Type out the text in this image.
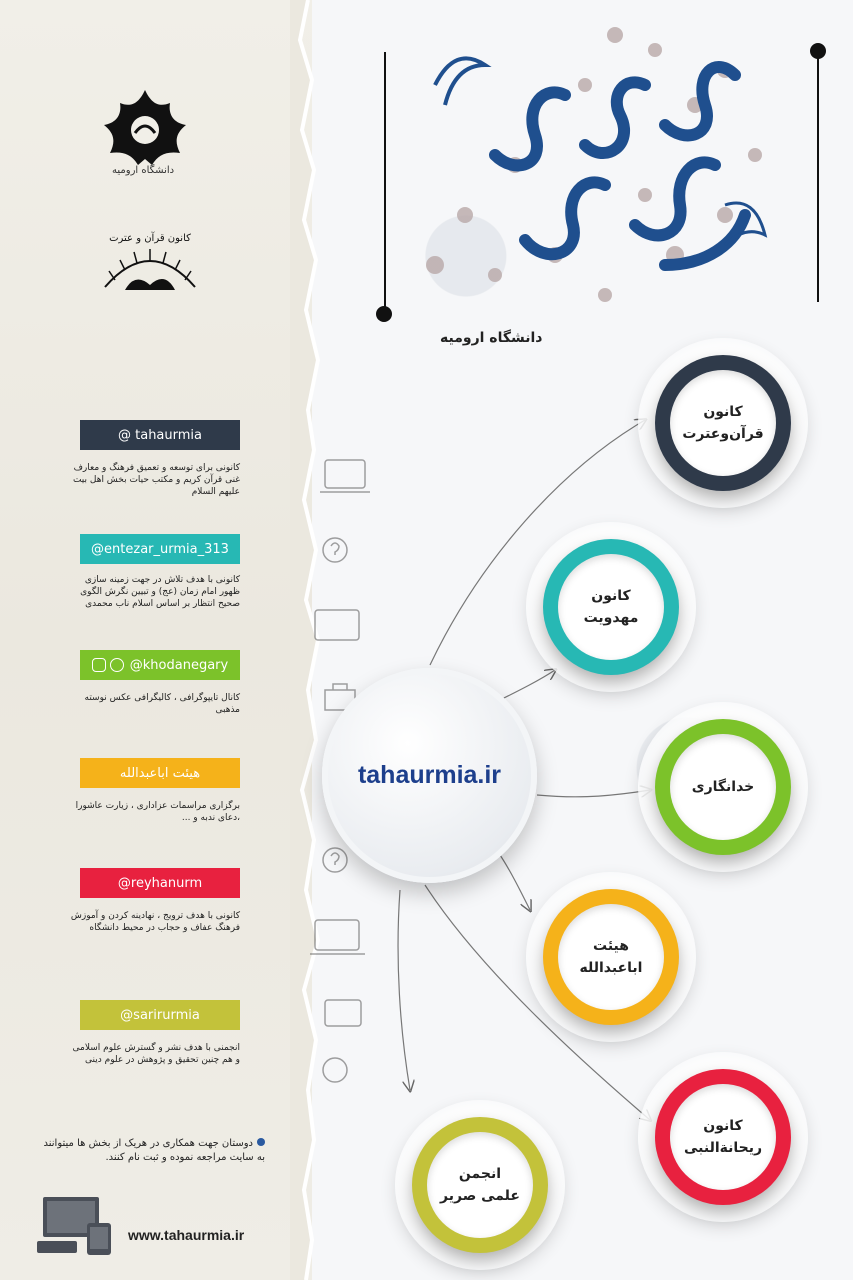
دانشگاه ارومیه
کانون قرآن و عترت
@ tahaurmia
کانونی برای توسعه و تعمیق فرهنگ و معارف غنی قرآن کریم و مکتب حیات بخش اهل بیت علیهم السلام
@entezar_urmia_313
کانونی با هدف تلاش در جهت زمینه سازی ظهور امام زمان (عج) و تبیین نگرش الگوی صحیح انتظار بر اساس اسلام ناب محمدی
@khodanegary
کانال تایپوگرافی ، کالیگرافی عکس نوسته مذهبی
هیئت اباعبدالله
برگزاری مراسمات عزاداری ، زیارت عاشورا ،دعای ندبه و ...
@reyhanurm
کانونی با هدف ترویج ، نهادینه کردن و آموزش فرهنگ عفاف و حجاب در محیط دانشگاه
@sarirurmia
انجمنی با هدف نشر و گسترش علوم اسلامی و هم چنین تحقیق و پژوهش در علوم دینی
دوستان جهت همکاری در هریک از بخش ها میتوانند به سایت مراجعه نموده و ثبت نام کنند.
www.tahaurmia.ir
دانشگاه ارومیه
tahaurmia.ir
کانون
قرآن‌وعترت
کانون
مهدویت
خدانگاری
هیئت
اباعبدالله
کانون
ریحانةالنبی
انجمن
علمی صریر
